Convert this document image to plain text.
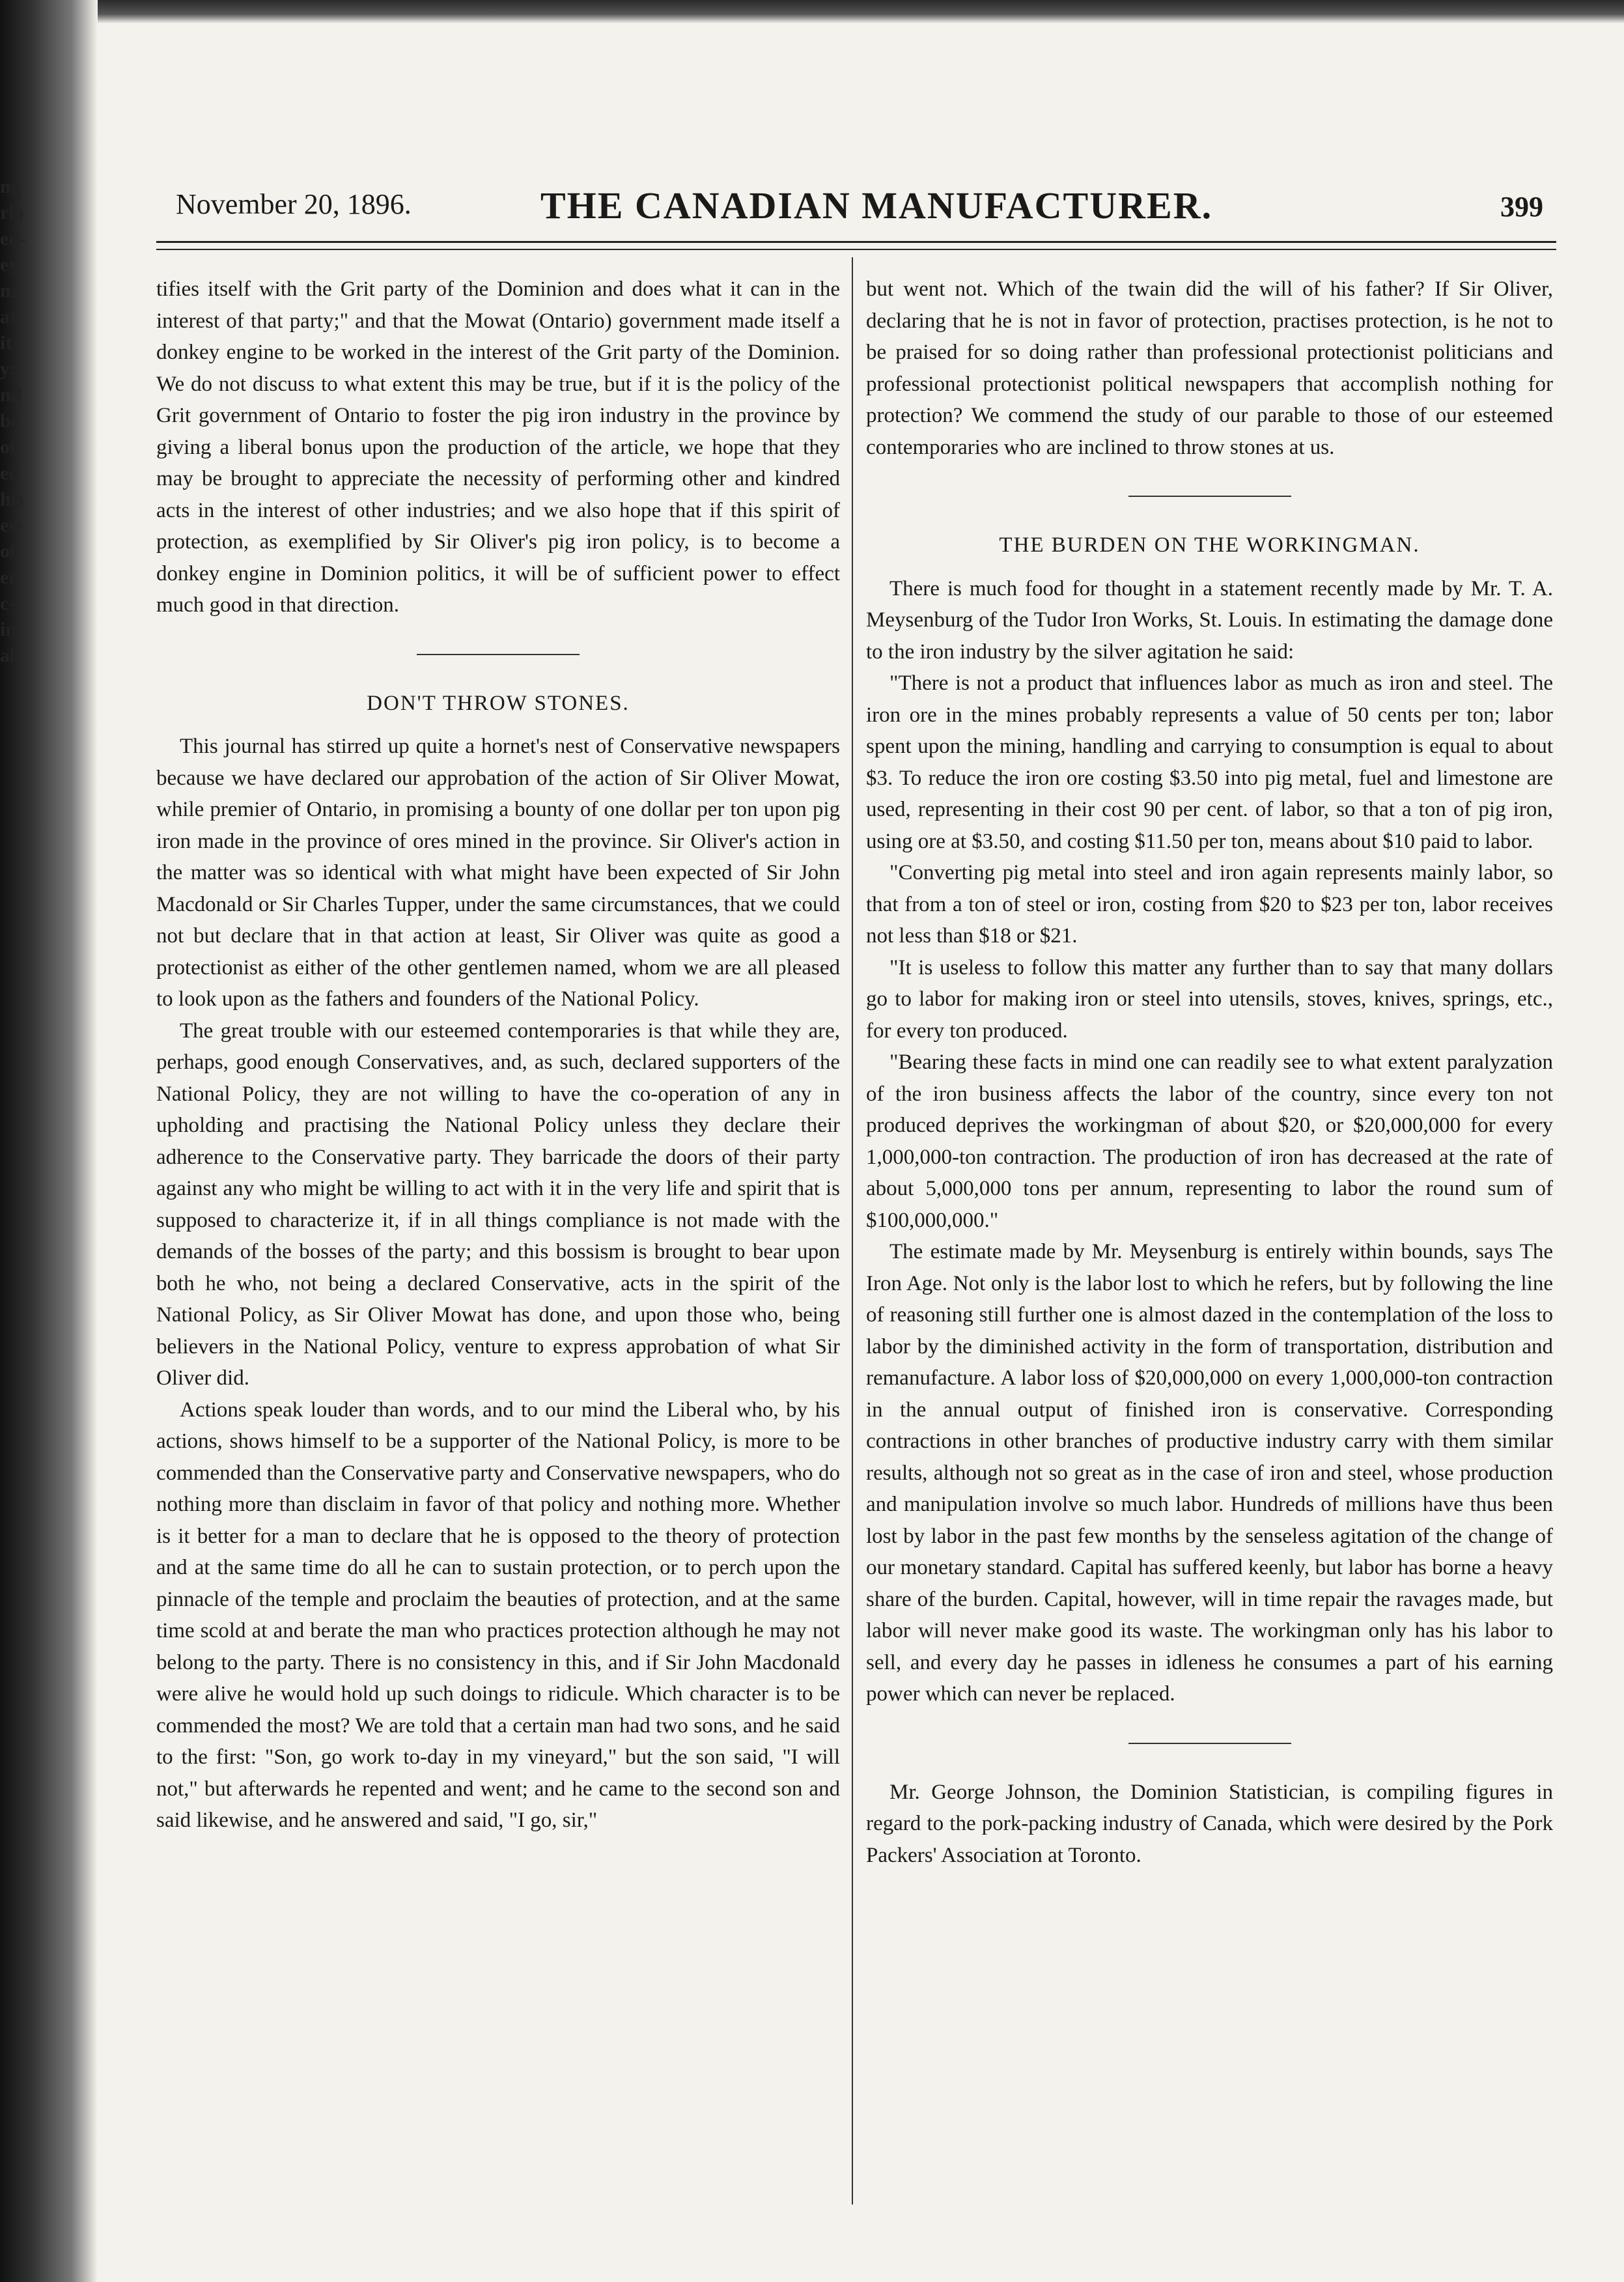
ng
rio
ed-
ey
ns
at
it
y;
nd
be
of
ed
his
es-
of
er
c-
in
al
November 20, 1896.	THE CANADIAN MANUFACTURER.	399

tifies itself with the Grit party of the Dominion and does what it can in the interest of that party;" and that the Mowat (Ontario) government made itself a donkey engine to be worked in the interest of the Grit party of the Dominion. We do not discuss to what extent this may be true, but if it is the policy of the Grit government of Ontario to foster the pig iron industry in the province by giving a liberal bonus upon the production of the article, we hope that they may be brought to appreciate the necessity of performing other and kindred acts in the interest of other industries; and we also hope that if this spirit of protection, as exemplified by Sir Oliver's pig iron policy, is to become a donkey engine in Dominion politics, it will be of sufficient power to effect much good in that direction.

DON'T THROW STONES.

This journal has stirred up quite a hornet's nest of Conservative newspapers because we have declared our approbation of the action of Sir Oliver Mowat, while premier of Ontario, in promising a bounty of one dollar per ton upon pig iron made in the province of ores mined in the province. Sir Oliver's action in the matter was so identical with what might have been expected of Sir John Macdonald or Sir Charles Tupper, under the same circumstances, that we could not but declare that in that action at least, Sir Oliver was quite as good a protectionist as either of the other gentlemen named, whom we are all pleased to look upon as the fathers and founders of the National Policy.

The great trouble with our esteemed contemporaries is that while they are, perhaps, good enough Conservatives, and, as such, declared supporters of the National Policy, they are not willing to have the co-operation of any in upholding and practising the National Policy unless they declare their adherence to the Conservative party. They barricade the doors of their party against any who might be willing to act with it in the very life and spirit that is supposed to characterize it, if in all things compliance is not made with the demands of the bosses of the party; and this bossism is brought to bear upon both he who, not being a declared Conservative, acts in the spirit of the National Policy, as Sir Oliver Mowat has done, and upon those who, being believers in the National Policy, venture to express approbation of what Sir Oliver did.

Actions speak louder than words, and to our mind the Liberal who, by his actions, shows himself to be a supporter of the National Policy, is more to be commended than the Conservative party and Conservative newspapers, who do nothing more than disclaim in favor of that policy and nothing more. Whether is it better for a man to declare that he is opposed to the theory of protection and at the same time do all he can to sustain protection, or to perch upon the pinnacle of the temple and proclaim the beauties of protection, and at the same time scold at and berate the man who practices protection although he may not belong to the party. There is no consistency in this, and if Sir John Macdonald were alive he would hold up such doings to ridicule. Which character is to be commended the most? We are told that a certain man had two sons, and he said to the first: "Son, go work to-day in my vineyard," but the son said, "I will not," but afterwards he repented and went; and he came to the second son and said likewise, and he answered and said, "I go, sir,"

but went not. Which of the twain did the will of his father? If Sir Oliver, declaring that he is not in favor of protection, practises protection, is he not to be praised for so doing rather than professional protectionist politicians and professional protectionist political newspapers that accomplish nothing for protection? We commend the study of our parable to those of our esteemed contemporaries who are inclined to throw stones at us.

THE BURDEN ON THE WORKINGMAN.

There is much food for thought in a statement recently made by Mr. T. A. Meysenburg of the Tudor Iron Works, St. Louis. In estimating the damage done to the iron industry by the silver agitation he said:

"There is not a product that influences labor as much as iron and steel. The iron ore in the mines probably represents a value of 50 cents per ton; labor spent upon the mining, handling and carrying to consumption is equal to about $3. To reduce the iron ore costing $3.50 into pig metal, fuel and limestone are used, representing in their cost 90 per cent. of labor, so that a ton of pig iron, using ore at $3.50, and costing $11.50 per ton, means about $10 paid to labor.

"Converting pig metal into steel and iron again represents mainly labor, so that from a ton of steel or iron, costing from $20 to $23 per ton, labor receives not less than $18 or $21.

"It is useless to follow this matter any further than to say that many dollars go to labor for making iron or steel into utensils, stoves, knives, springs, etc., for every ton produced.

"Bearing these facts in mind one can readily see to what extent paralyzation of the iron business affects the labor of the country, since every ton not produced deprives the workingman of about $20, or $20,000,000 for every 1,000,000-ton contraction. The production of iron has decreased at the rate of about 5,000,000 tons per annum, representing to labor the round sum of $100,000,000."

The estimate made by Mr. Meysenburg is entirely within bounds, says The Iron Age. Not only is the labor lost to which he refers, but by following the line of reasoning still further one is almost dazed in the contemplation of the loss to labor by the diminished activity in the form of transportation, distribution and remanufacture. A labor loss of $20,000,000 on every 1,000,000-ton contraction in the annual output of finished iron is conservative. Corresponding contractions in other branches of productive industry carry with them similar results, although not so great as in the case of iron and steel, whose production and manipulation involve so much labor. Hundreds of millions have thus been lost by labor in the past few months by the senseless agitation of the change of our monetary standard. Capital has suffered keenly, but labor has borne a heavy share of the burden. Capital, however, will in time repair the ravages made, but labor will never make good its waste. The workingman only has his labor to sell, and every day he passes in idleness he consumes a part of his earning power which can never be replaced.

Mr. George Johnson, the Dominion Statistician, is compiling figures in regard to the pork-packing industry of Canada, which were desired by the Pork Packers' Association at Toronto.
